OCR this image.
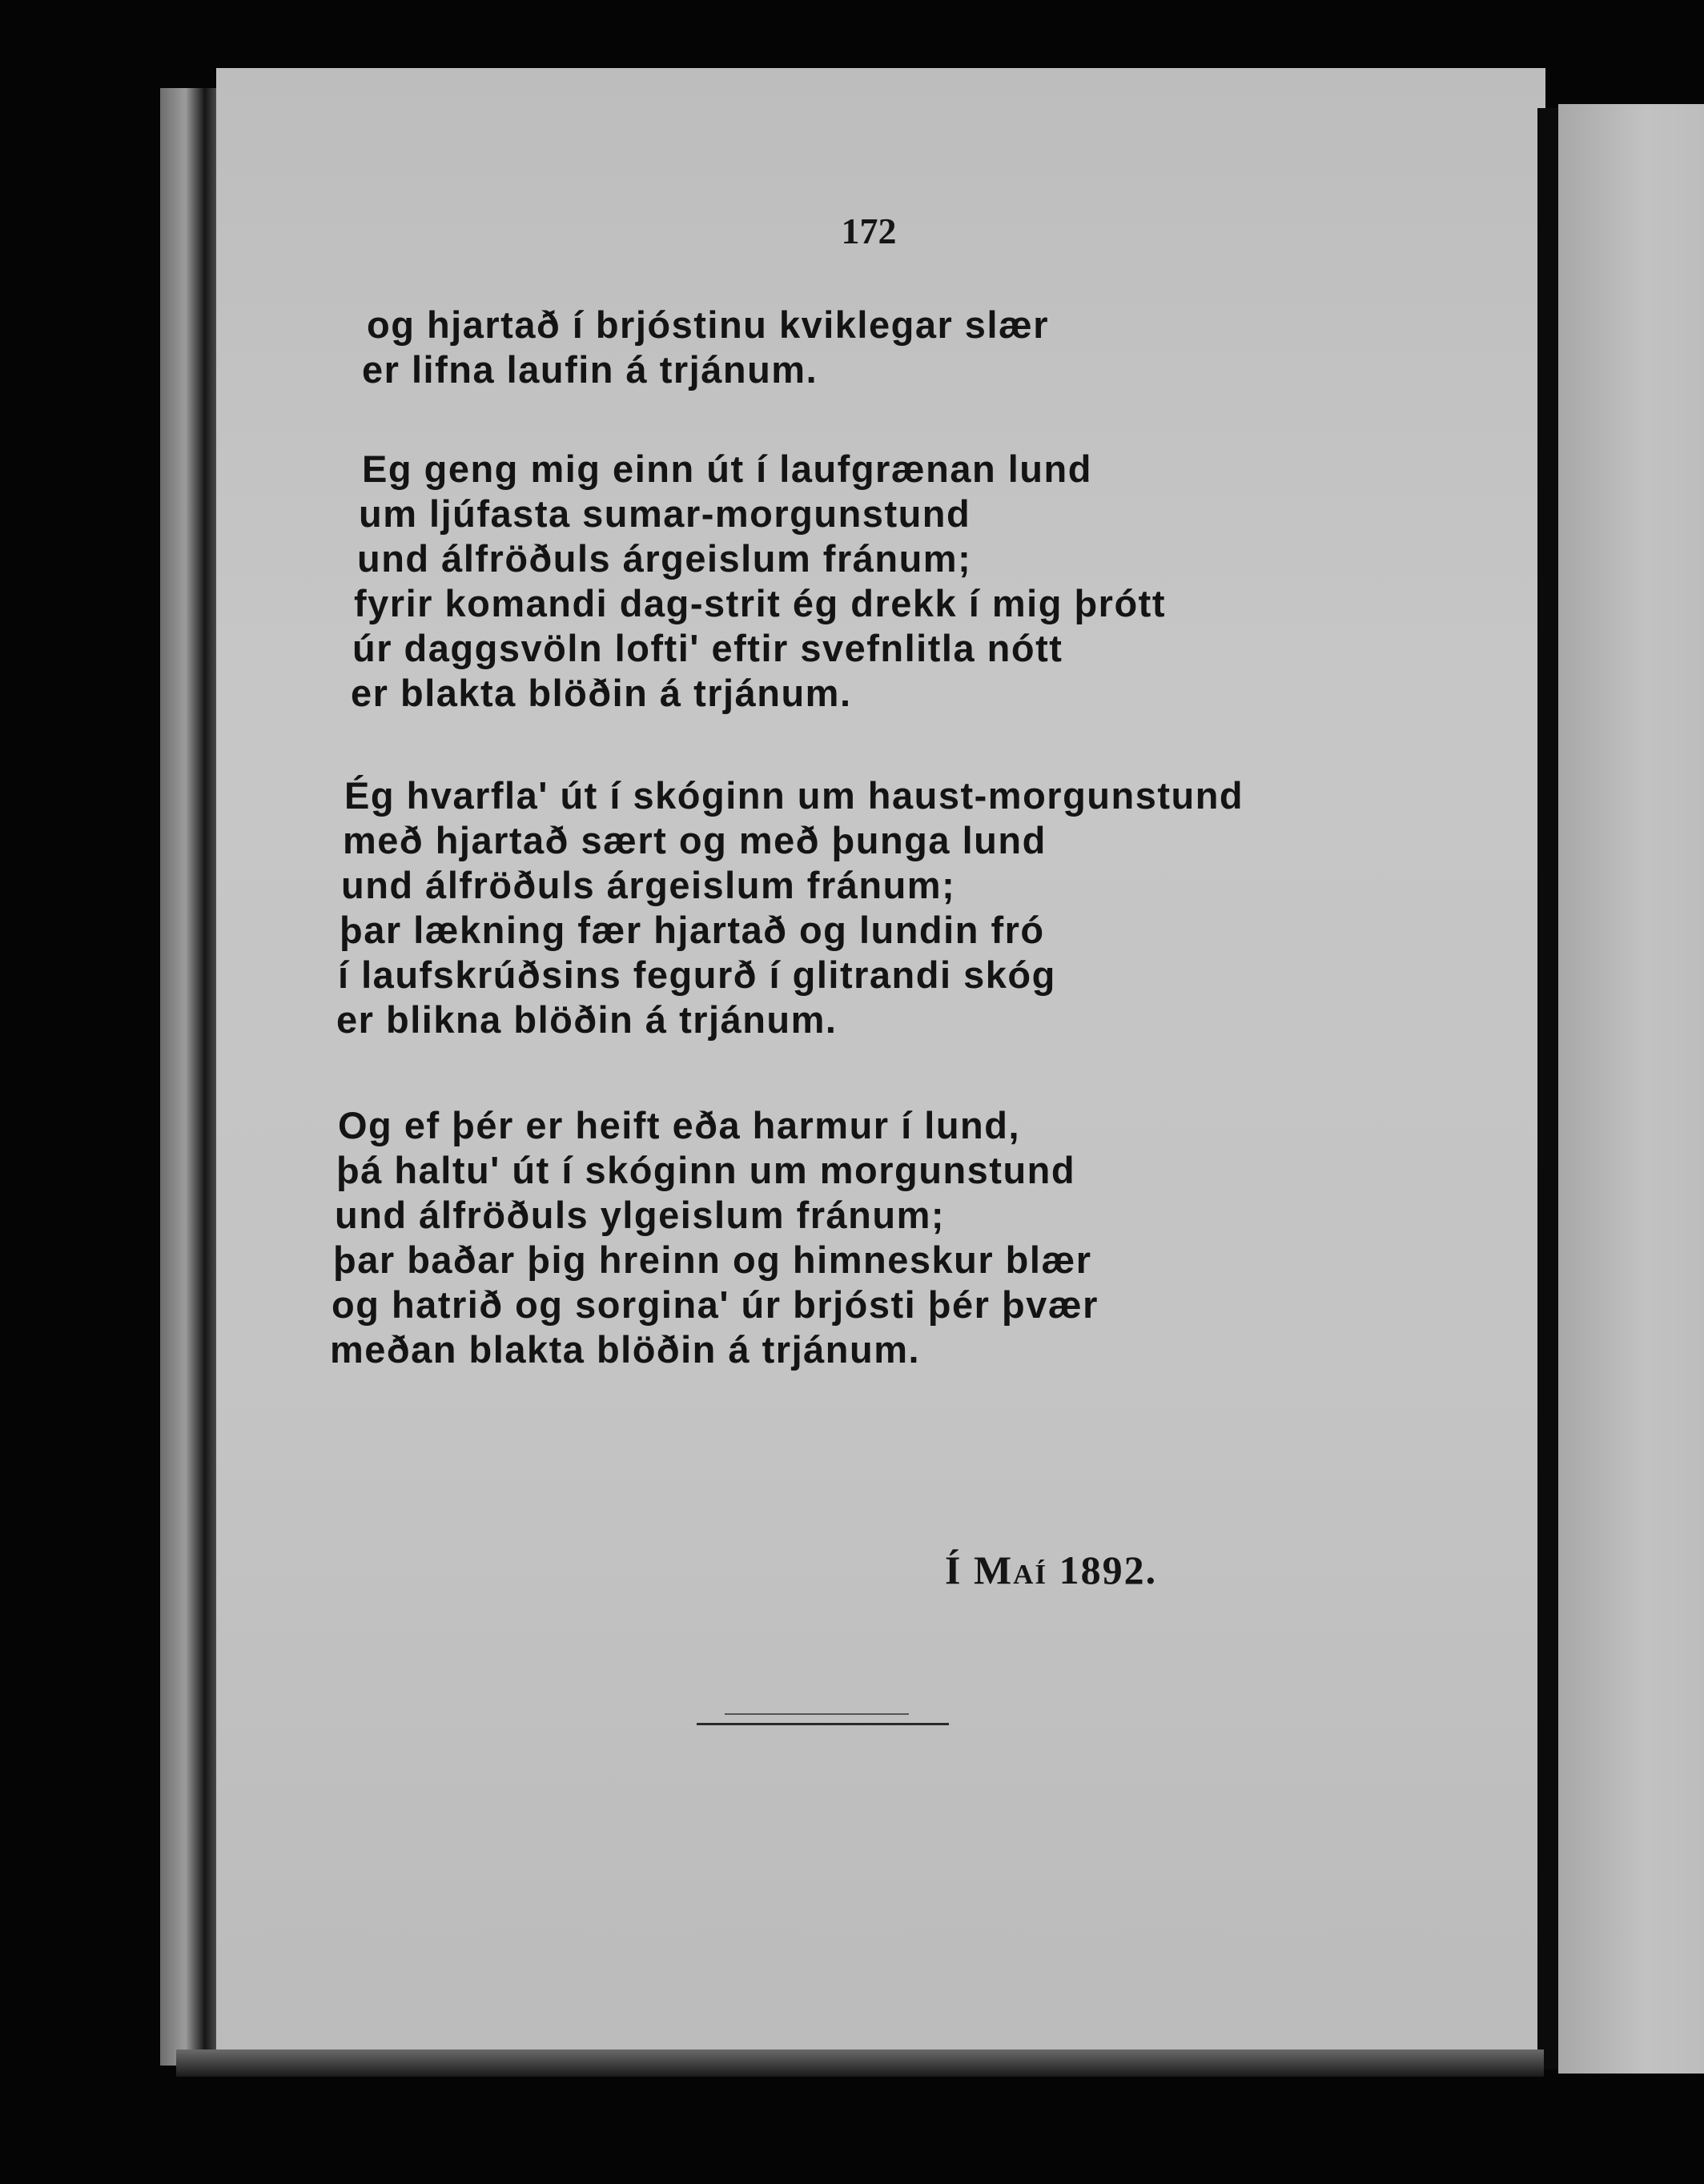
172
og hjartað í brjóstinu kviklegar slær
er lifna laufin á trjánum.
Eg geng mig einn út í laufgrænan lund
um ljúfasta sumar-morgunstund
und álfröðuls árgeislum fránum;
fyrir komandi dag-strit ég drekk í mig þrótt
úr daggsvöln lofti' eftir svefnlitla nótt
er blakta blöðin á trjánum.
Ég hvarfla' út í skóginn um haust-morgunstund
með hjartað sært og með þunga lund
und álfröðuls árgeislum fránum;
þar lækning fær hjartað og lundin fró
í laufskrúðsins fegurð í glitrandi skóg
er blikna blöðin á trjánum.
Og ef þér er heift eða harmur í lund,
þá haltu' út í skóginn um morgunstund
und álfröðuls ylgeislum fránum;
þar baðar þig hreinn og himneskur blær
og hatrið og sorgina' úr brjósti þér þvær
meðan blakta blöðin á trjánum.
Í Maí 1892.
